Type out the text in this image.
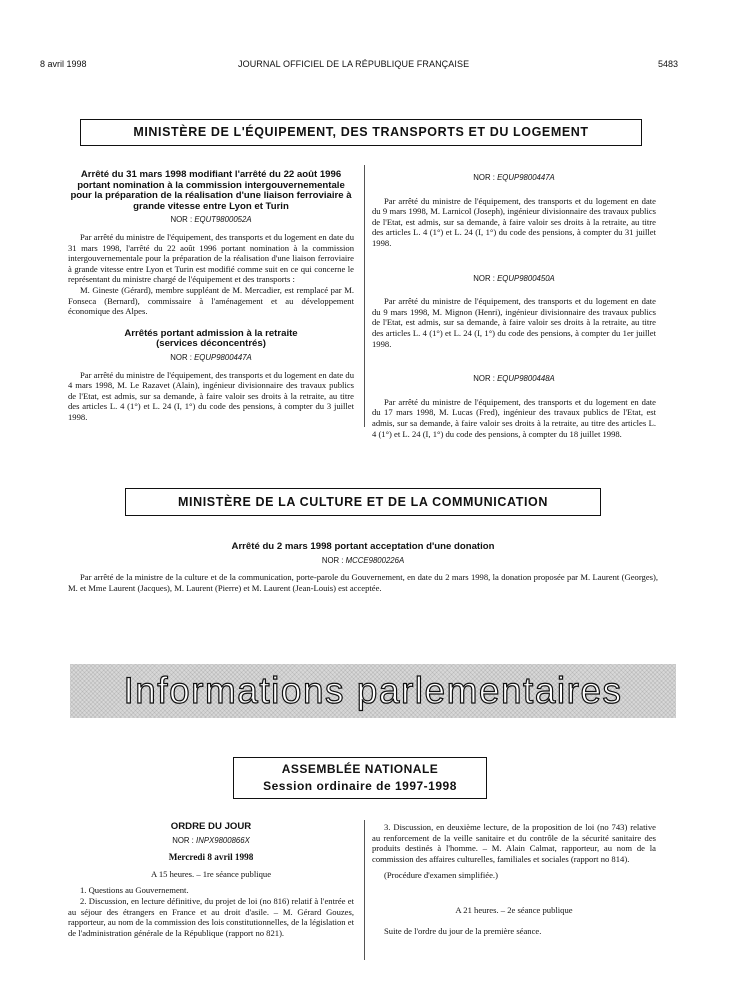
8 avril 1998	JOURNAL OFFICIEL DE LA RÉPUBLIQUE FRANÇAISE	5483
MINISTÈRE DE L'ÉQUIPEMENT, DES TRANSPORTS ET DU LOGEMENT
Arrêté du 31 mars 1998 modifiant l'arrêté du 22 août 1996 portant nomination à la commission intergouvernementale pour la préparation de la réalisation d'une liaison ferroviaire à grande vitesse entre Lyon et Turin
NOR : EQUT9800052A

Par arrêté du ministre de l'équipement, des transports et du logement en date du 31 mars 1998, l'arrêté du 22 août 1996 portant nomination à la commission intergouvernementale pour la préparation de la réalisation d'une liaison ferroviaire à grande vitesse entre Lyon et Turin est modifié comme suit en ce qui concerne le représentant du ministre chargé de l'équipement et des transports :

M. Gineste (Gérard), membre suppléant de M. Mercadier, est remplacé par M. Fonseca (Bernard), commissaire à l'aménagement et au développement économique des Alpes.

Arrêtés portant admission à la retraite
(services déconcentrés)
NOR : EQUP9800447A

Par arrêté du ministre de l'équipement, des transports et du logement en date du 4 mars 1998, M. Le Razavet (Alain), ingénieur divisionnaire des travaux publics de l'Etat, est admis, sur sa demande, à faire valoir ses droits à la retraite, au titre des articles L. 4 (1°) et L. 24 (I, 1°) du code des pensions, à compter du 3 juillet 1998.

NOR : EQUP9800447A

Par arrêté du ministre de l'équipement, des transports et du logement en date du 9 mars 1998, M. Larnicol (Joseph), ingénieur divisionnaire des travaux publics de l'Etat, est admis, sur sa demande, à faire valoir ses droits à la retraite, au titre des articles L. 4 (1°) et L. 24 (I, 1°) du code des pensions, à compter du 31 juillet 1998.

NOR : EQUP9800450A

Par arrêté du ministre de l'équipement, des transports et du logement en date du 9 mars 1998, M. Mignon (Henri), ingénieur divisionnaire des travaux publics de l'Etat, est admis, sur sa demande, à faire valoir ses droits à la retraite, au titre des articles L. 4 (1°) et L. 24 (I, 1°) du code des pensions, à compter du 1er juillet 1998.

NOR : EQUP9800448A

Par arrêté du ministre de l'équipement, des transports et du logement en date du 17 mars 1998, M. Lucas (Fred), ingénieur des travaux publics de l'Etat, est admis, sur sa demande, à faire valoir ses droits à la retraite, au titre des articles L. 4 (1°) et L. 24 (I, 1°) du code des pensions, à compter du 18 juillet 1998.

MINISTÈRE DE LA CULTURE ET DE LA COMMUNICATION
Arrêté du 2 mars 1998 portant acceptation d'une donation
NOR : MCCE9800226A

Par arrêté de la ministre de la culture et de la communication, porte-parole du Gouvernement, en date du 2 mars 1998, la donation proposée par M. Laurent (Georges), M. et Mme Laurent (Jacques), M. Laurent (Pierre) et M. Laurent (Jean-Louis) est acceptée.

Informations parlementaires
ASSEMBLÉE NATIONALE
Session ordinaire de 1997-1998
ORDRE DU JOUR
NOR : INPX9800866X
Mercredi 8 avril 1998
A 15 heures. – 1re séance publique

1. Questions au Gouvernement.

2. Discussion, en lecture définitive, du projet de loi (no 816) relatif à l'entrée et au séjour des étrangers en France et au droit d'asile. – M. Gérard Gouzes, rapporteur, au nom de la commission des lois constitutionnelles, de la législation et de l'administration générale de la République (rapport no 821).

3. Discussion, en deuxième lecture, de la proposition de loi (no 743) relative au renforcement de la veille sanitaire et du contrôle de la sécurité sanitaire des produits destinés à l'homme. – M. Alain Calmat, rapporteur, au nom de la commission des affaires culturelles, familiales et sociales (rapport no 814).

(Procédure d'examen simplifiée.)

A 21 heures. – 2e séance publique

Suite de l'ordre du jour de la première séance.
